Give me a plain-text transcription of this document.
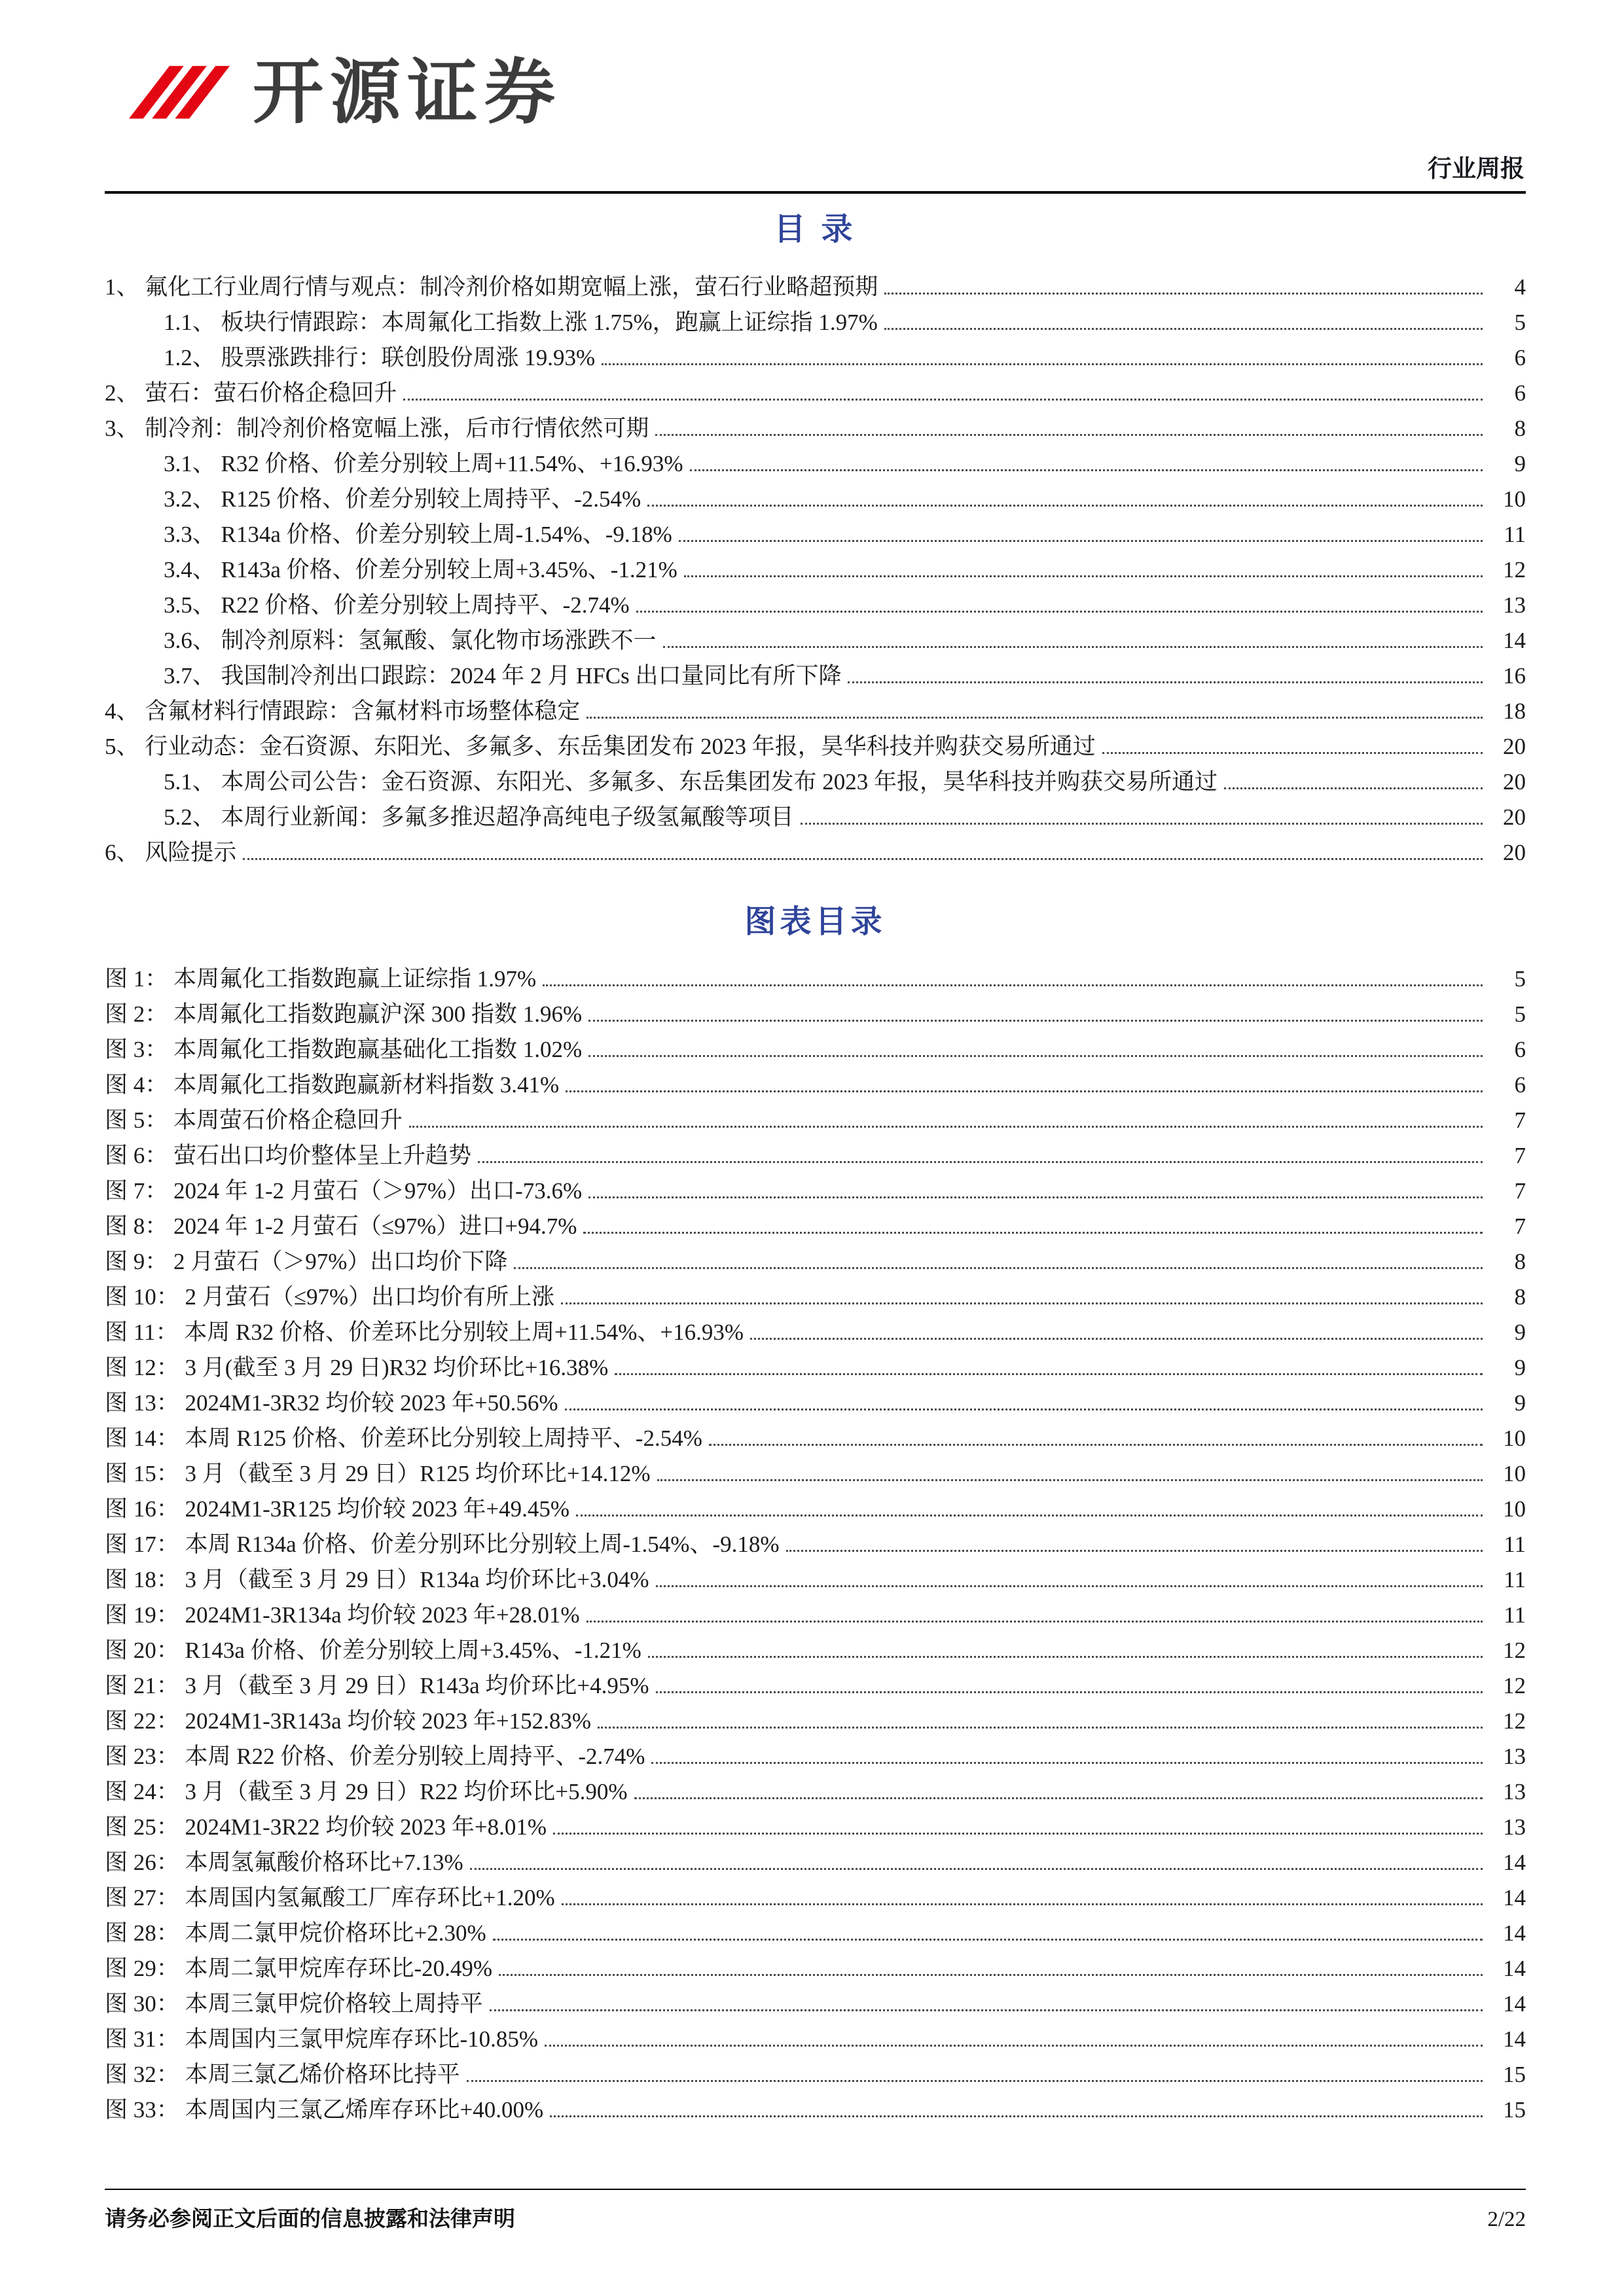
开源证券
行业周报
目 录
1、 氟化工行业周行情与观点：制冷剂价格如期宽幅上涨，萤石行业略超预期	4
1.1、 板块行情跟踪：本周氟化工指数上涨 1.75%，跑赢上证综指 1.97%	5
1.2、 股票涨跌排行：联创股份周涨 19.93%	6
2、 萤石：萤石价格企稳回升	6
3、 制冷剂：制冷剂价格宽幅上涨，后市行情依然可期	8
3.1、 R32 价格、价差分别较上周+11.54%、+16.93%	9
3.2、 R125 价格、价差分别较上周持平、-2.54%	10
3.3、 R134a 价格、价差分别较上周-1.54%、-9.18%	11
3.4、 R143a 价格、价差分别较上周+3.45%、-1.21%	12
3.5、 R22 价格、价差分别较上周持平、-2.74%	13
3.6、 制冷剂原料：氢氟酸、氯化物市场涨跌不一	14
3.7、 我国制冷剂出口跟踪：2024 年 2 月 HFCs 出口量同比有所下降	16
4、 含氟材料行情跟踪：含氟材料市场整体稳定	18
5、 行业动态：金石资源、东阳光、多氟多、东岳集团发布 2023 年报，昊华科技并购获交易所通过	20
5.1、 本周公司公告：金石资源、东阳光、多氟多、东岳集团发布 2023 年报，昊华科技并购获交易所通过	20
5.2、 本周行业新闻：多氟多推迟超净高纯电子级氢氟酸等项目	20
6、 风险提示	20
图表目录
图 1： 本周氟化工指数跑赢上证综指 1.97%	5
图 2： 本周氟化工指数跑赢沪深 300 指数 1.96%	5
图 3： 本周氟化工指数跑赢基础化工指数 1.02%	6
图 4： 本周氟化工指数跑赢新材料指数 3.41%	6
图 5： 本周萤石价格企稳回升	7
图 6： 萤石出口均价整体呈上升趋势	7
图 7： 2024 年 1-2 月萤石（＞97%）出口-73.6%	7
图 8： 2024 年 1-2 月萤石（≤97%）进口+94.7%	7
图 9： 2 月萤石（＞97%）出口均价下降	8
图 10： 2 月萤石（≤97%）出口均价有所上涨	8
图 11： 本周 R32 价格、价差环比分别较上周+11.54%、+16.93%	9
图 12： 3 月(截至 3 月 29 日)R32 均价环比+16.38%	9
图 13： 2024M1-3R32 均价较 2023 年+50.56%	9
图 14： 本周 R125 价格、价差环比分别较上周持平、-2.54%	10
图 15： 3 月（截至 3 月 29 日）R125 均价环比+14.12%	10
图 16： 2024M1-3R125 均价较 2023 年+49.45%	10
图 17： 本周 R134a 价格、价差分别环比分别较上周-1.54%、-9.18%	11
图 18： 3 月（截至 3 月 29 日）R134a 均价环比+3.04%	11
图 19： 2024M1-3R134a 均价较 2023 年+28.01%	11
图 20： R143a 价格、价差分别较上周+3.45%、-1.21%	12
图 21： 3 月（截至 3 月 29 日）R143a 均价环比+4.95%	12
图 22： 2024M1-3R143a 均价较 2023 年+152.83%	12
图 23： 本周 R22 价格、价差分别较上周持平、-2.74%	13
图 24： 3 月（截至 3 月 29 日）R22 均价环比+5.90%	13
图 25： 2024M1-3R22 均价较 2023 年+8.01%	13
图 26： 本周氢氟酸价格环比+7.13%	14
图 27： 本周国内氢氟酸工厂库存环比+1.20%	14
图 28： 本周二氯甲烷价格环比+2.30%	14
图 29： 本周二氯甲烷库存环比-20.49%	14
图 30： 本周三氯甲烷价格较上周持平	14
图 31： 本周国内三氯甲烷库存环比-10.85%	14
图 32： 本周三氯乙烯价格环比持平	15
图 33： 本周国内三氯乙烯库存环比+40.00%	15
请务必参阅正文后面的信息披露和法律声明	2/22
